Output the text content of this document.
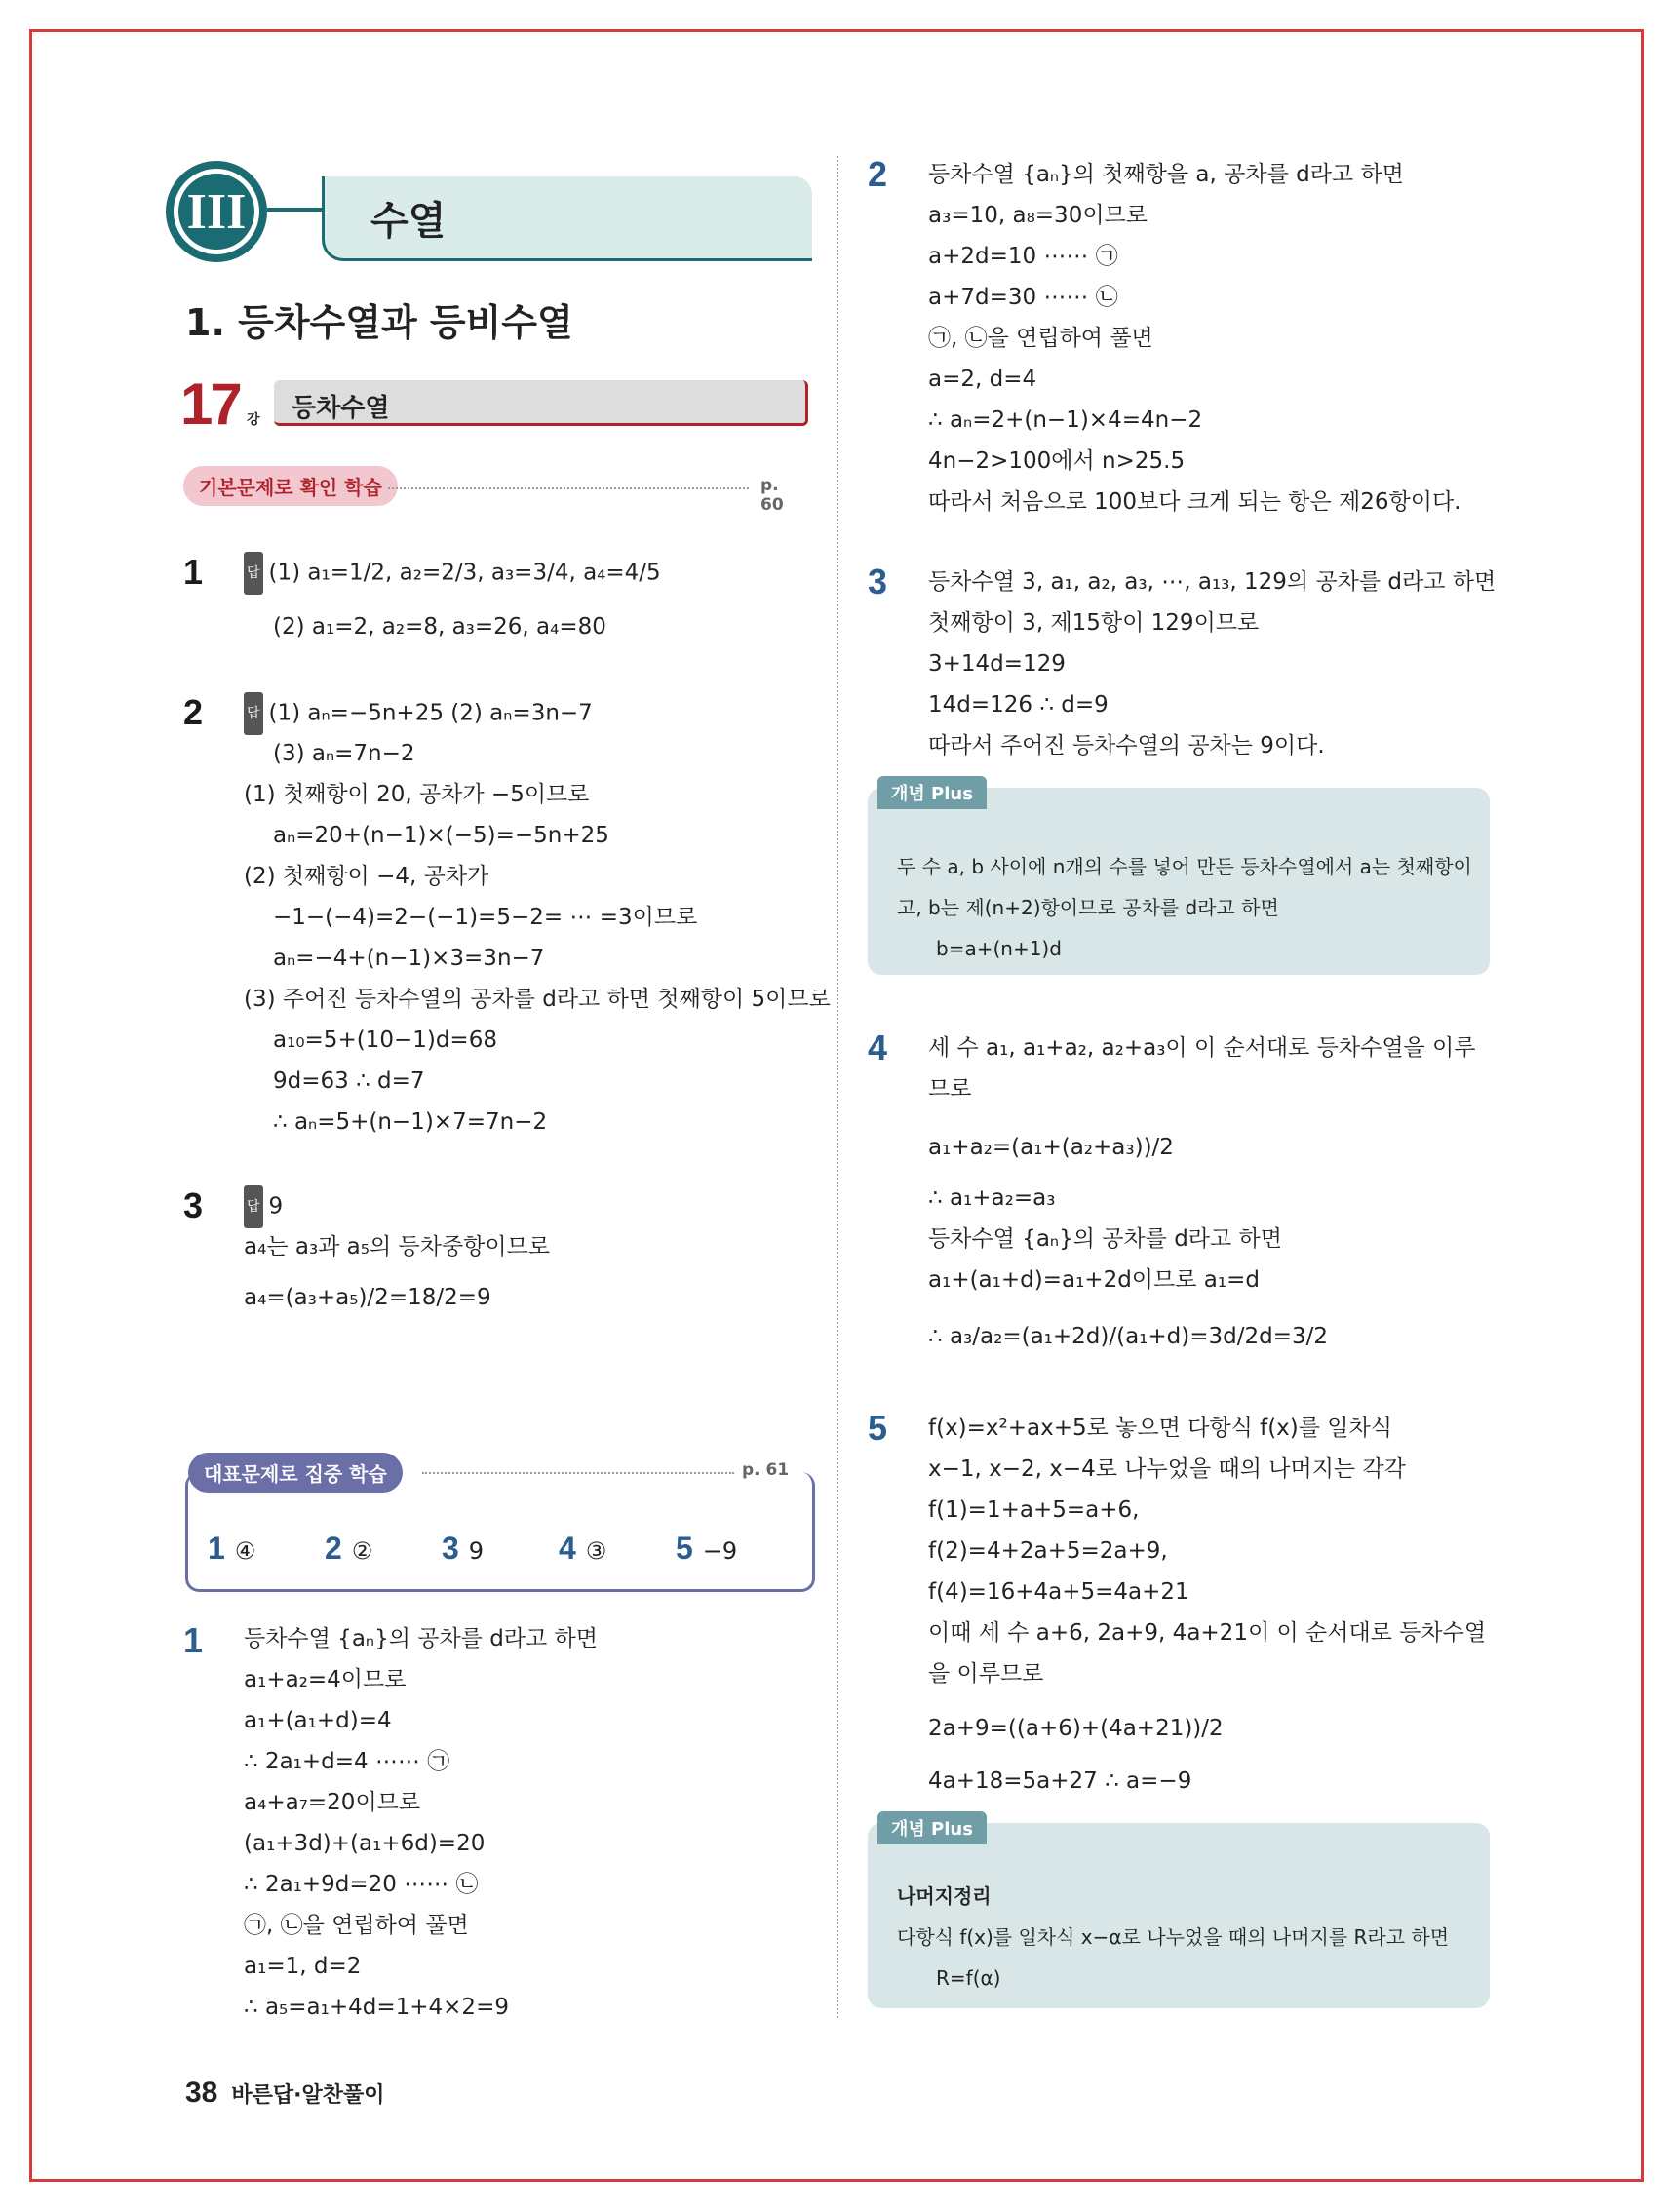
III	수열
1. 등차수열과 등비수열
17 강 등차수열
기본문제로 확인 학습	p. 60
1	답 (1) a₁=1/2, a₂=2/3, a₃=3/4, a₄=4/5
(2) a₁=2, a₂=8, a₃=26, a₄=80
2	답 (1) aₙ=−5n+25 (2) aₙ=3n−7
(3) aₙ=7n−2
(1) 첫째항이 20, 공차가 −5이므로
aₙ=20+(n−1)×(−5)=−5n+25
(2) 첫째항이 −4, 공차가
−1−(−4)=2−(−1)=5−2= ⋯ =3이므로
aₙ=−4+(n−1)×3=3n−7
(3) 주어진 등차수열의 공차를 d라고 하면 첫째항이 5이므로
a₁₀=5+(10−1)d=68
9d=63 ∴ d=7
∴ aₙ=5+(n−1)×7=7n−2
3	답 9
a₄는 a₃과 a₅의 등차중항이므로
a₄=(a₃+a₅)/2=18/2=9
대표문제로 집중 학습	p. 61
1 ④	2 ②	3 9	4 ③	5 −9
1 등차수열 {aₙ}의 공차를 d라고 하면
a₁+a₂=4이므로
a₁+(a₁+d)=4
∴ 2a₁+d=4 ⋯⋯ ㉠
a₄+a₇=20이므로
(a₁+3d)+(a₁+6d)=20
∴ 2a₁+9d=20 ⋯⋯ ㉡
㉠, ㉡을 연립하여 풀면
a₁=1, d=2
∴ a₅=a₁+4d=1+4×2=9
2 등차수열 {aₙ}의 첫째항을 a, 공차를 d라고 하면
a₃=10, a₈=30이므로
a+2d=10 ⋯⋯ ㉠
a+7d=30 ⋯⋯ ㉡
㉠, ㉡을 연립하여 풀면
a=2, d=4
∴ aₙ=2+(n−1)×4=4n−2
4n−2>100에서 n>25.5
따라서 처음으로 100보다 크게 되는 항은 제26항이다.
3 등차수열 3, a₁, a₂, a₃, ⋯, a₁₃, 129의 공차를 d라고 하면
첫째항이 3, 제15항이 129이므로
3+14d=129
14d=126 ∴ d=9
따라서 주어진 등차수열의 공차는 9이다.
개념 Plus
두 수 a, b 사이에 n개의 수를 넣어 만든 등차수열에서 a는 첫째항이
고, b는 제(n+2)항이므로 공차를 d라고 하면
b=a+(n+1)d
4 세 수 a₁, a₁+a₂, a₂+a₃이 이 순서대로 등차수열을 이루
므로
a₁+a₂=(a₁+(a₂+a₃))/2
∴ a₁+a₂=a₃
등차수열 {aₙ}의 공차를 d라고 하면
a₁+(a₁+d)=a₁+2d이므로 a₁=d
∴ a₃/a₂=(a₁+2d)/(a₁+d)=3d/2d=3/2
5 f(x)=x²+ax+5로 놓으면 다항식 f(x)를 일차식
x−1, x−2, x−4로 나누었을 때의 나머지는 각각
f(1)=1+a+5=a+6,
f(2)=4+2a+5=2a+9,
f(4)=16+4a+5=4a+21
이때 세 수 a+6, 2a+9, 4a+21이 이 순서대로 등차수열
을 이루므로
2a+9=((a+6)+(4a+21))/2
4a+18=5a+27 ∴ a=−9
개념 Plus
나머지정리
다항식 f(x)를 일차식 x−α로 나누었을 때의 나머지를 R라고 하면
R=f(α)
38 바른답·알찬풀이
